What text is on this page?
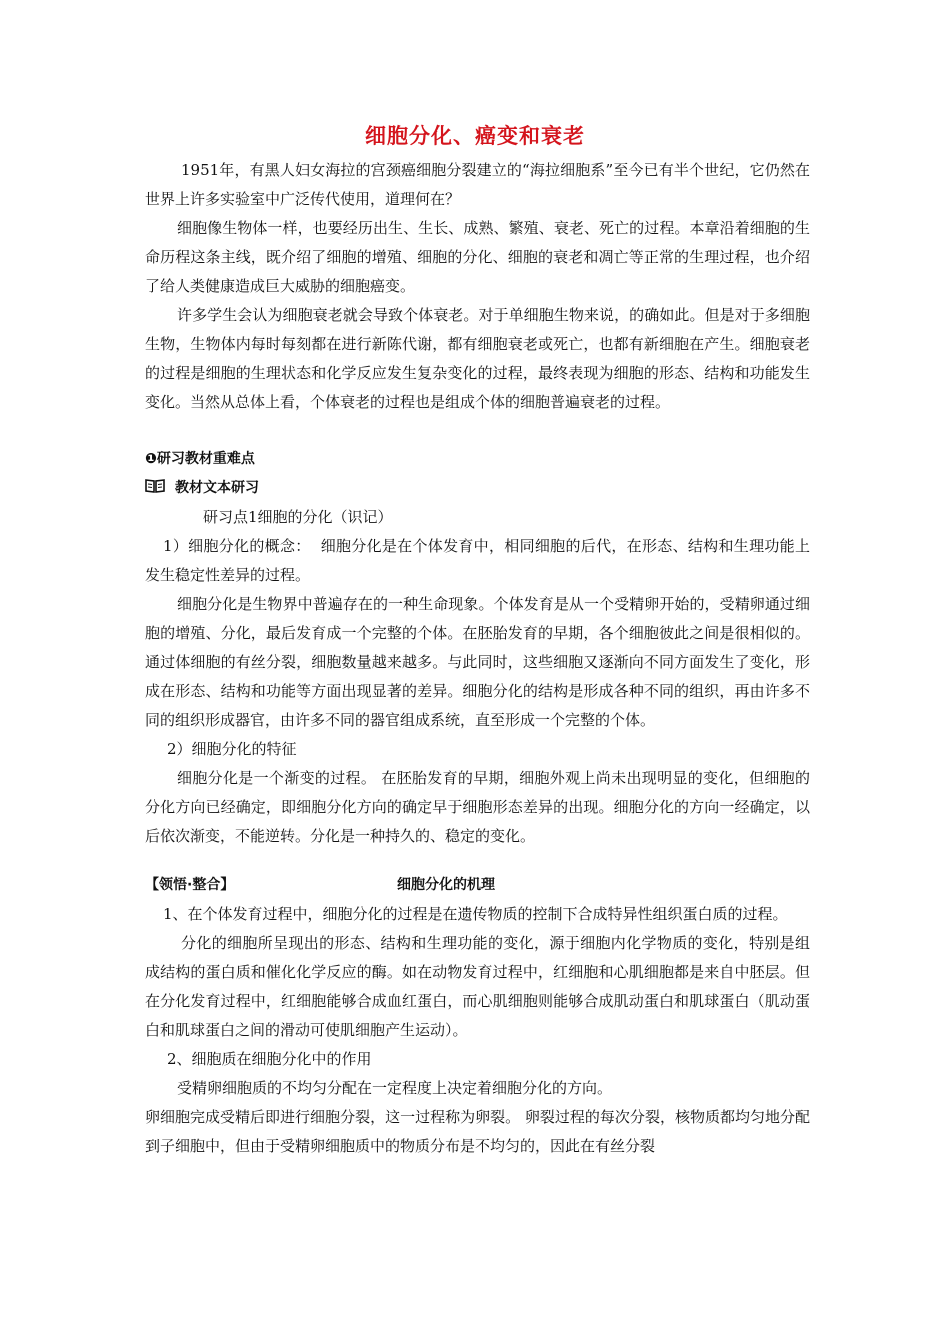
细胞分化、癌变和衰老

1951年，有黑人妇女海拉的宫颈癌细胞分裂建立的“海拉细胞系”至今已有半个世纪，它仍然在世界上许多实验室中广泛传代使用，道理何在？

细胞像生物体一样，也要经历出生、生长、成熟、繁殖、衰老、死亡的过程。本章沿着细胞的生命历程这条主线，既介绍了细胞的增殖、细胞的分化、细胞的衰老和凋亡等正常的生理过程，也介绍了给人类健康造成巨大威胁的细胞癌变。

许多学生会认为细胞衰老就会导致个体衰老。对于单细胞生物来说，的确如此。但是对于多细胞生物，生物体内每时每刻都在进行新陈代谢，都有细胞衰老或死亡，也都有新细胞在产生。细胞衰老的过程是细胞的生理状态和化学反应发生复杂变化的过程，最终表现为细胞的形态、结构和功能发生变化。当然从总体上看，个体衰老的过程也是组成个体的细胞普遍衰老的过程。

❶研习教材重难点

教材文本研习

研习点1细胞的分化（识记）

1）细胞分化的概念： 细胞分化是在个体发育中，相同细胞的后代，在形态、结构和生理功能上发生稳定性差异的过程。

细胞分化是生物界中普遍存在的一种生命现象。个体发育是从一个受精卵开始的，受精卵通过细胞的增殖、分化，最后发育成一个完整的个体。在胚胎发育的早期，各个细胞彼此之间是很相似的。通过体细胞的有丝分裂，细胞数量越来越多。与此同时，这些细胞又逐渐向不同方面发生了变化，形成在形态、结构和功能等方面出现显著的差异。细胞分化的结构是形成各种不同的组织，再由许多不同的组织形成器官，由许多不同的器官组成系统，直至形成一个完整的个体。

2）细胞分化的特征

细胞分化是一个渐变的过程。 在胚胎发育的早期，细胞外观上尚未出现明显的变化，但细胞的分化方向已经确定，即细胞分化方向的确定早于细胞形态差异的出现。细胞分化的方向一经确定，以后依次渐变，不能逆转。分化是一种持久的、稳定的变化。

【领悟·整合】	细胞分化的机理

1、在个体发育过程中，细胞分化的过程是在遗传物质的控制下合成特异性组织蛋白质的过程。

分化的细胞所呈现出的形态、结构和生理功能的变化，源于细胞内化学物质的变化，特别是组成结构的蛋白质和催化化学反应的酶。如在动物发育过程中，红细胞和心肌细胞都是来自中胚层。但在分化发育过程中，红细胞能够合成血红蛋白，而心肌细胞则能够合成肌动蛋白和肌球蛋白（肌动蛋白和肌球蛋白之间的滑动可使肌细胞产生运动）。

2、细胞质在细胞分化中的作用

受精卵细胞质的不均匀分配在一定程度上决定着细胞分化的方向。

卵细胞完成受精后即进行细胞分裂，这一过程称为卵裂。 卵裂过程的每次分裂，核物质都均匀地分配到子细胞中，但由于受精卵细胞质中的物质分布是不均匀的，因此在有丝分裂
